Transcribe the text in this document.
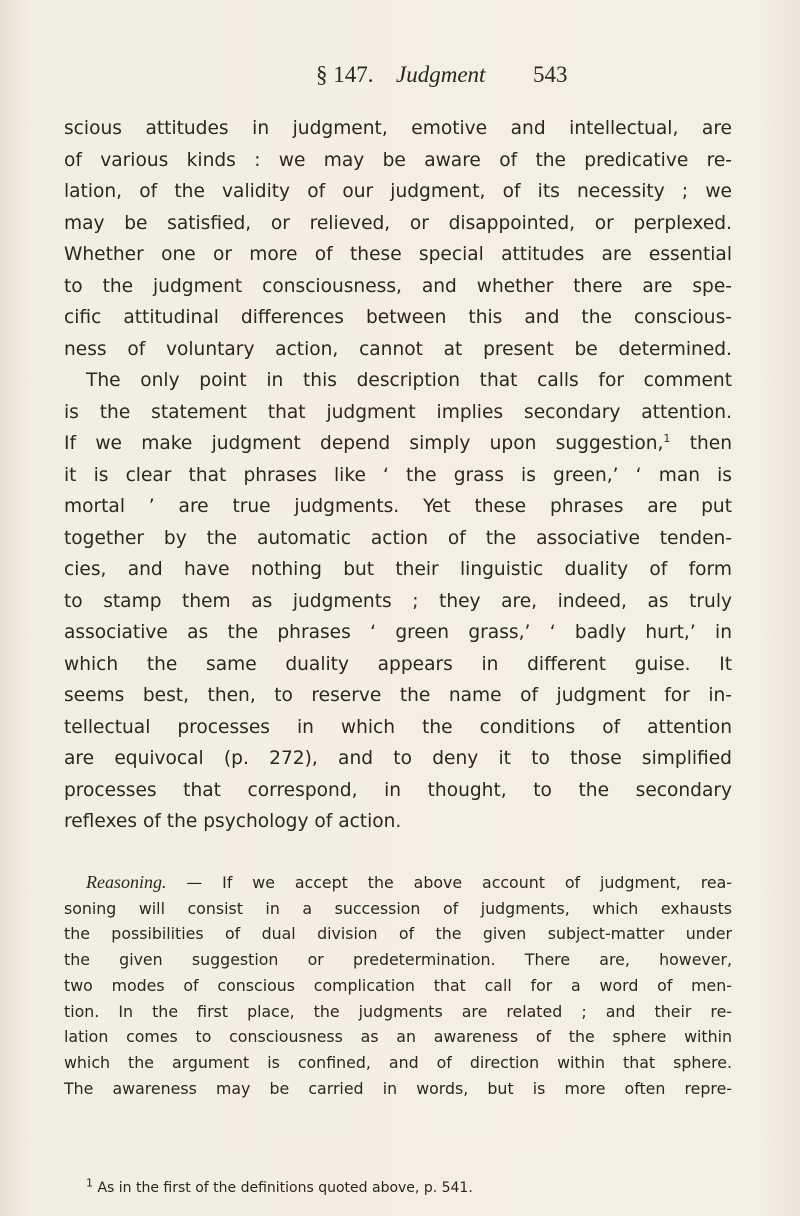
§ 147. Judgment 543
scious attitudes in judgment, emotive and intellectual, are
of various kinds : we may be aware of the predicative re-
lation, of the validity of our judgment, of its necessity ; we
may be satisfied, or relieved, or disappointed, or perplexed.
Whether one or more of these special attitudes are essential
to the judgment consciousness, and whether there are spe-
cific attitudinal differences between this and the conscious-
ness of voluntary action, cannot at present be determined.
The only point in this description that calls for comment
is the statement that judgment implies secondary attention.
If we make judgment depend simply upon suggestion,$^1$ then
it is clear that phrases like ‘ the grass is green,’ ‘ man is
mortal ’ are true judgments. Yet these phrases are put
together by the automatic action of the associative tenden-
cies, and have nothing but their linguistic duality of form
to stamp them as judgments ; they are, indeed, as truly
associative as the phrases ‘ green grass,’ ‘ badly hurt,’ in
which the same duality appears in different guise. It
seems best, then, to reserve the name of judgment for in-
tellectual processes in which the conditions of attention
are equivocal (p. 272), and to deny it to those simplified
processes that correspond, in thought, to the secondary
reflexes of the psychology of action.
Reasoning. — If we accept the above account of judgment, rea-
soning will consist in a succession of judgments, which exhausts
the possibilities of dual division of the given subject-matter under
the given suggestion or predetermination. There are, however,
two modes of conscious complication that call for a word of men-
tion. In the first place, the judgments are related ; and their re-
lation comes to consciousness as an awareness of the sphere within
which the argument is confined, and of direction within that sphere.
The awareness may be carried in words, but is more often repre-
$^1$ As in the first of the definitions quoted above, p. 541.
